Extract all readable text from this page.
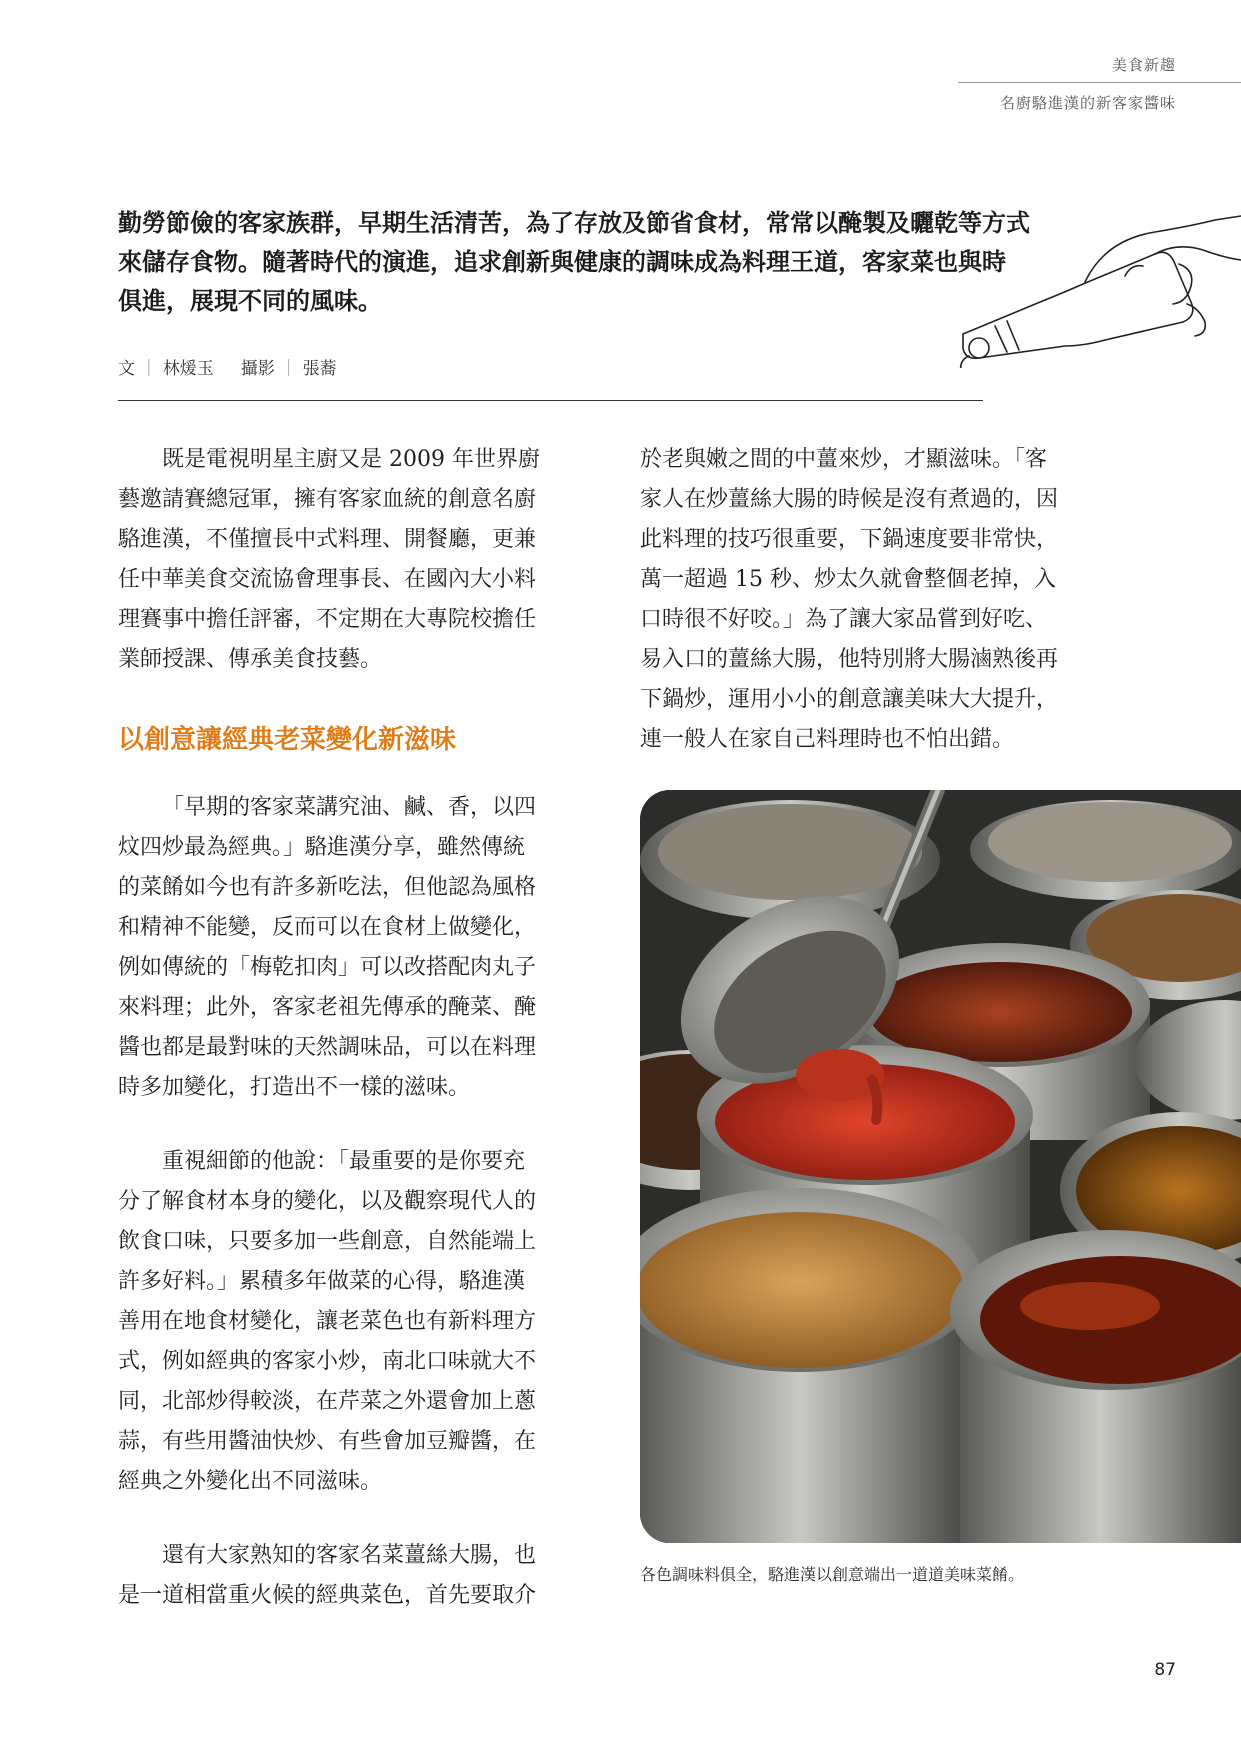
美食新趨
名廚駱進漢的新客家醬味

勤勞節儉的客家族群，早期生活清苦，為了存放及節省食材，常常以醃製及曬乾等方式

來儲存食物。隨著時代的演進，追求創新與健康的調味成為料理王道，客家菜也與時

俱進，展現不同的風味。

文 ｜ 林煖玉 攝影 ｜ 張蕎

既是電視明星主廚又是 2009 年世界廚
藝邀請賽總冠軍，擁有客家血統的創意名廚
駱進漢，不僅擅長中式料理、開餐廳，更兼
任中華美食交流協會理事長、在國內大小料
理賽事中擔任評審，不定期在大專院校擔任
業師授課、傳承美食技藝。

以創意讓經典老菜變化新滋味

「早期的客家菜講究油、鹹、香，以四
炆四炒最為經典。」駱進漢分享，雖然傳統
的菜餚如今也有許多新吃法，但他認為風格
和精神不能變，反而可以在食材上做變化，
例如傳統的「梅乾扣肉」可以改搭配肉丸子
來料理；此外，客家老祖先傳承的醃菜、醃
醬也都是最對味的天然調味品，可以在料理
時多加變化，打造出不一樣的滋味。

重視細節的他說：「最重要的是你要充
分了解食材本身的變化，以及觀察現代人的
飲食口味，只要多加一些創意，自然能端上
許多好料。」累積多年做菜的心得，駱進漢
善用在地食材變化，讓老菜色也有新料理方
式，例如經典的客家小炒，南北口味就大不
同，北部炒得較淡，在芹菜之外還會加上蔥
蒜，有些用醬油快炒、有些會加豆瓣醬，在
經典之外變化出不同滋味。

還有大家熟知的客家名菜薑絲大腸，也
是一道相當重火候的經典菜色，首先要取介

於老與嫩之間的中薑來炒，才顯滋味。「客
家人在炒薑絲大腸的時候是沒有煮過的，因
此料理的技巧很重要，下鍋速度要非常快，
萬一超過 15 秒、炒太久就會整個老掉，入
口時很不好咬。」為了讓大家品嘗到好吃、
易入口的薑絲大腸，他特別將大腸滷熟後再
下鍋炒，運用小小的創意讓美味大大提升，
連一般人在家自己料理時也不怕出錯。

各色調味料俱全，駱進漢以創意端出一道道美味菜餚。
87
